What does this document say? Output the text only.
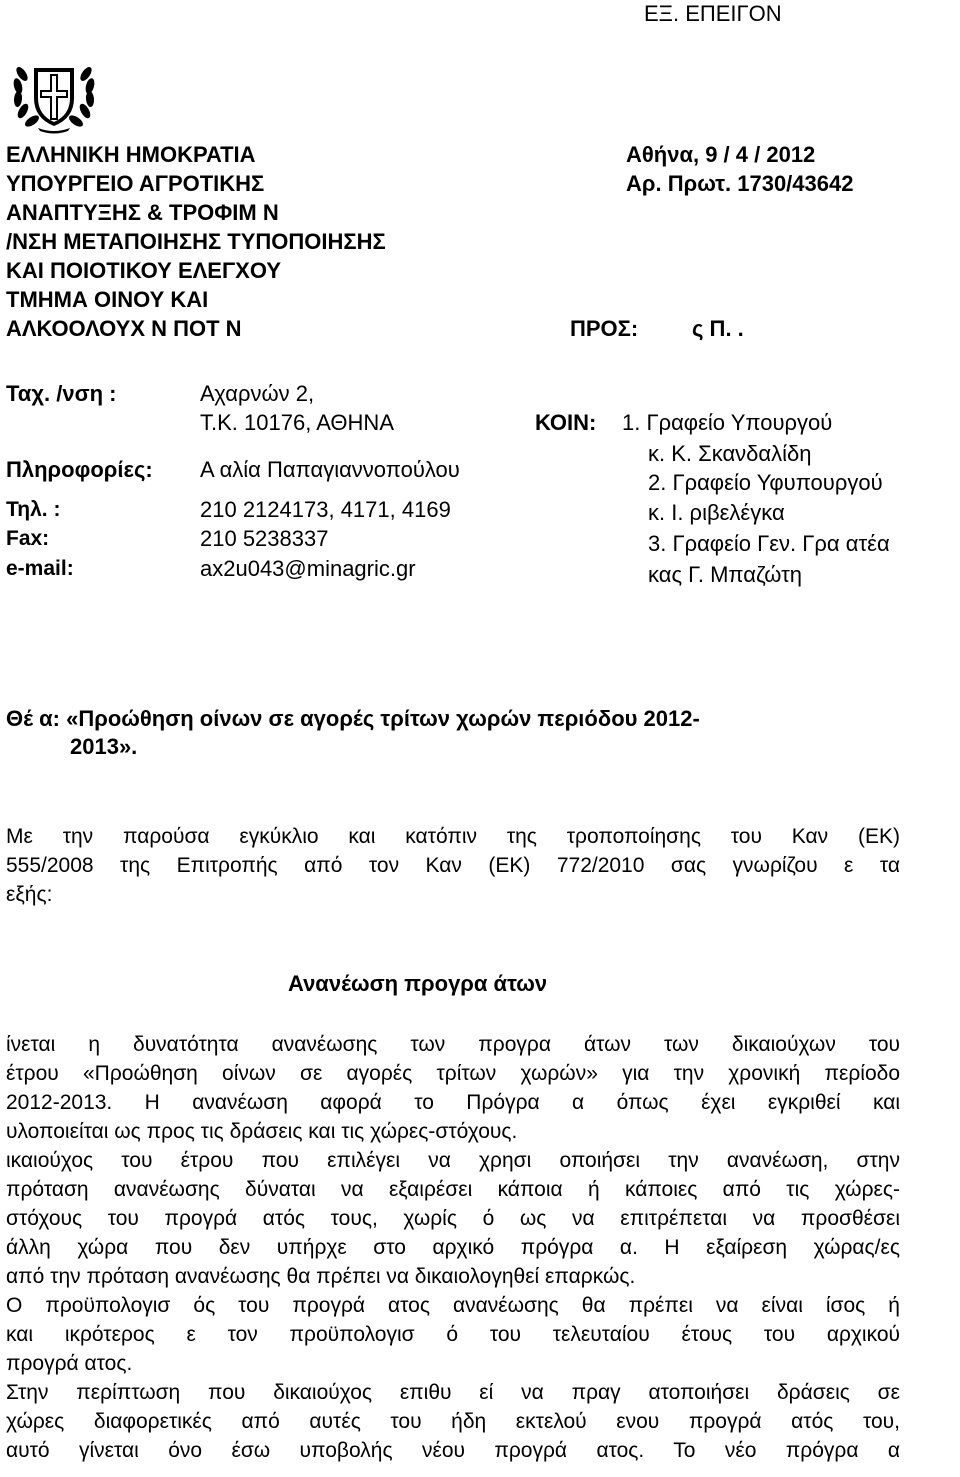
ΕΞ. ΕΠΕΙΓΟΝ
ΕΛΛΗΝΙΚΗ ΗΜΟΚΡΑΤΙΑ
ΥΠΟΥΡΓΕΙΟ ΑΓΡΟΤΙΚΗΣ
ΑΝΑΠΤΥΞΗΣ & ΤΡΟΦΙΜ Ν
/ΝΣΗ ΜΕΤΑΠΟΙΗΣΗΣ ΤΥΠΟΠΟΙΗΣΗΣ
ΚΑΙ ΠΟΙΟΤΙΚΟΥ ΕΛΕΓΧΟΥ
ΤΜΗΜΑ ΟΙΝΟΥ ΚΑΙ
ΑΛΚΟΟΛΟΥΧ Ν ΠΟΤ Ν
Αθήνα, 9 / 4 / 2012
Αρ. Πρωτ. 1730/43642
ΠΡΟΣ: ς Π. .
Ταχ. /νση :	Αχαρνών 2,
Τ.Κ. 10176, ΑΘΗΝΑ
Πληροφορίες: Α αλία Παπαγιαννοπούλου
Τηλ. :	210 2124173, 4171, 4169
Fax:	210 5238337
e-mail:	ax2u043@minagric.gr
ΚΟΙΝ: 1. Γραφείο Υπουργού
κ. Κ. Σκανδαλίδη
2. Γραφείο Υφυπουργού
κ. Ι. ριβελέγκα
3. Γραφείο Γεν. Γρα ατέα
κας Γ. Μπαζώτη
Θέ α: «Προώθηση οίνων σε αγορές τρίτων χωρών περιόδου 2012-
2013».
Με την παρούσα εγκύκλιο και κατόπιν της τροποποίησης του Καν (ΕΚ)
555/2008 της Επιτροπής από τον Καν (ΕΚ) 772/2010 σας γνωρίζου ε τα
εξής:
Ανανέωση προγρα άτων
ίνεται η δυνατότητα ανανέωσης των προγρα άτων των δικαιούχων του
έτρου «Προώθηση οίνων σε αγορές τρίτων χωρών» για την χρονική περίοδο
2012-2013. Η ανανέωση αφορά το Πρόγρα α όπως έχει εγκριθεί και
υλοποιείται ως προς τις δράσεις και τις χώρες-στόχους.
ικαιούχος του έτρου που επιλέγει να χρησι οποιήσει την ανανέωση, στην
πρόταση ανανέωσης δύναται να εξαιρέσει κάποια ή κάποιες από τις χώρες-
στόχους του προγρά ατός τους, χωρίς ό ως να επιτρέπεται να προσθέσει
άλλη χώρα που δεν υπήρχε στο αρχικό πρόγρα α. Η εξαίρεση χώρας/ες
από την πρόταση ανανέωσης θα πρέπει να δικαιολογηθεί επαρκώς.
Ο προϋπολογισ ός του προγρά ατος ανανέωσης θα πρέπει να είναι ίσος ή
και ικρότερος ε τον προϋπολογισ ό του τελευταίου έτους του αρχικού
προγρά ατος.
Στην περίπτωση που δικαιούχος επιθυ εί να πραγ ατοποιήσει δράσεις σε
χώρες διαφορετικές από αυτές του ήδη εκτελού ενου προγρά ατός του,
αυτό γίνεται όνο έσω υποβολής νέου προγρά ατος. Το νέο πρόγρα α
